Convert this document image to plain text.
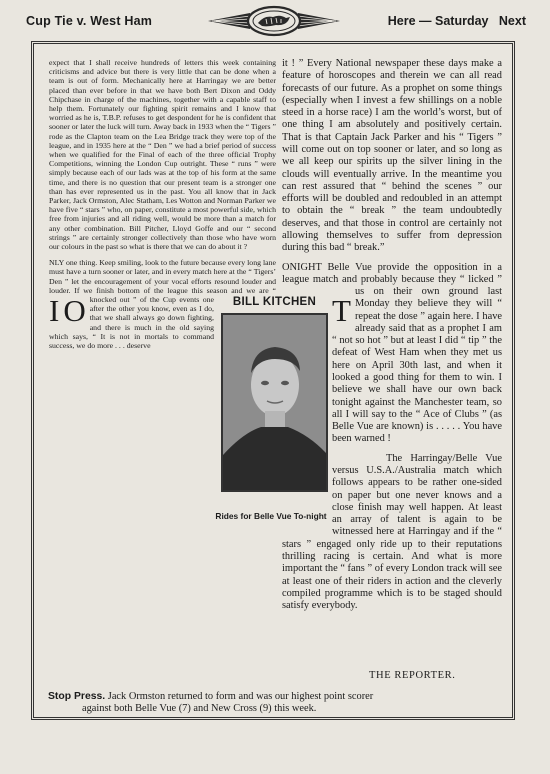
Cup Tie v. West Ham	Here — Saturday   Next

I
expect that I shall receive hundreds of letters this week containing criticisms and advice but there is very little that can be done when a team is out of form. Mechanically here at Harringay we are better placed than ever before in that we have both Bert Dixon and Oddy Chipchase in charge of the machines, together with a capable staff to help them. Fortunately our fighting spirit remains and I know that worried as he is, T.B.P. refuses to get despondent for he is confident that sooner or later the luck will turn. Away back in 1933 when the “ Tigers ” rode as the Clapton team on the Lea Bridge track they were top of the league, and in 1935 here at the “ Den ” we had a brief period of success when we qualified for the Final of each of the three official Trophy Competitions, winning the London Cup outright. These “ runs ” were simply because each of our lads was at the top of his form at the same time, and there is no question that our present team is a stronger one than has ever represented us in the past. You all know that in Jack Parker, Jack Ormston, Alec Statham, Les Wotton and Norman Parker we have five “ stars ” who, on paper, constitute a most powerful side, which free from injuries and all riding well, would be more than a match for any other combination. Bill Pitcher, Lloyd Goffe and our “ second strings ” are certainly stronger collectively than those who have worn our colours in the past so what is there that we can do about it ?

O
NLY one thing. Keep smiling, look to the future because every long lane must have a turn sooner or later, and in every match here at the “ Tigers’ Den ” let the encouragement of your vocal efforts resound louder and louder. If we finish bottom of the league this season and we are “ knocked out ” of the Cup events one after the other you know, even as I do, that we shall always go down fighting, and there is much in the old saying which says, “ It is not in mortals to command success, we do more . . . deserve

it ! ” Every National newspaper these days make a feature of horoscopes and therein we can all read forecasts of our future. As a prophet on some things (especially when I invest a few shillings on a noble steed in a horse race) I am the world’s worst, but of one thing I am absolutely and positively certain. That is that Captain Jack Parker and his “ Tigers ” will come out on top sooner or later, and so long as we all keep our spirits up the silver lining in the clouds will eventually arrive. In the meantime you can rest assured that “ behind the scenes ” our efforts will be doubled and redoubled in an attempt to obtain the “ break ” the team undoubtedly deserves, and that those in control are certainly not allowing themselves to suffer from depression during this bad “ break.”

T
ONIGHT Belle Vue provide the opposition in a league match and probably because they “ licked ” us on their own ground last Monday they believe they will “ repeat the dose ” again here. I have already said that as a prophet I am “ not so hot ” but at least I did “ tip ” the defeat of West Ham when they met us here on April 30th last, and when it looked a good thing for them to win. I believe we shall have our own back tonight against the Manchester team, so all I will say to the “ Ace of Clubs ” (as Belle Vue are known) is . . . . . You have been warned !

The Harringay/Belle Vue versus U.S.A./Australia match which follows appears to be rather one-sided on paper but one never knows and a close finish may well happen. At least an array of talent is again to be witnessed here at Harringay and if the “ stars ” engaged only ride up to their reputations thrilling racing is certain. And what is more important the “ fans ” of every London track will see at least one of their riders in action and the cleverly compiled programme which is to be staged should satisfy everybody.

BILL KITCHEN
Rides for Belle Vue To-night
THE REPORTER.
Stop Press. Jack Ormston returned to form and was our highest point scorer
against both Belle Vue (7) and New Cross (9) this week.
